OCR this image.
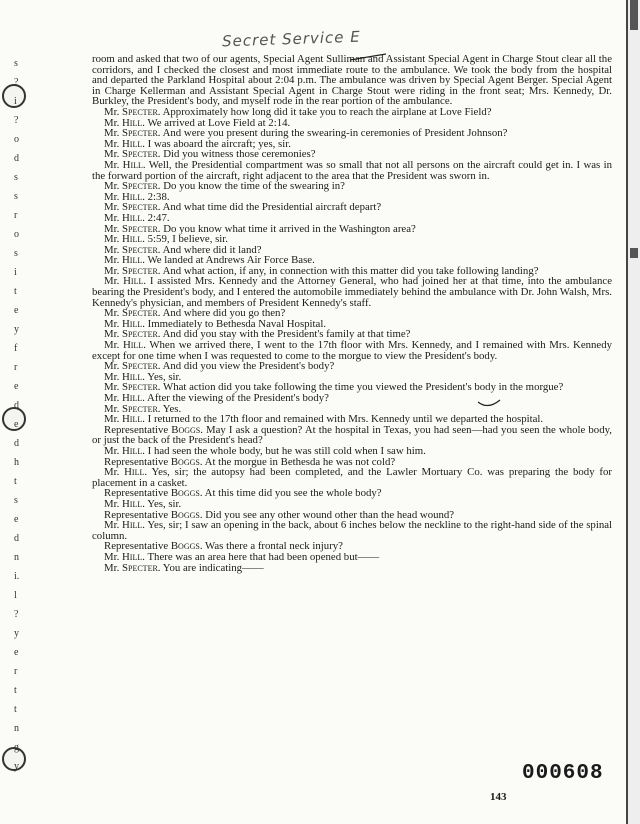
Secret Service E
s
?
i
?
o
d
s
s
r
o
s
i
t
e
y
f
r
e
d
e
d
h
t
s
e
d
n
i.
l
?
y
e
r
t
t
n
g
y

room and asked that two of our agents, Special Agent Sulliman and Assistant Special Agent in Charge Stout clear all the corridors, and I checked the closest and most immediate route to the ambulance. We took the body from the hospital and departed the Parkland Hospital about 2:04 p.m. The ambulance was driven by Special Agent Berger. Special Agent in Charge Kellerman and Assistant Special Agent in Charge Stout were riding in the front seat; Mrs. Kennedy, Dr. Burkley, the President's body, and myself rode in the rear portion of the ambulance.

Mr. Specter. Approximately how long did it take you to reach the airplane at Love Field?

Mr. Hill. We arrived at Love Field at 2:14.

Mr. Specter. And were you present during the swearing-in ceremonies of President Johnson?

Mr. Hill. I was aboard the aircraft; yes, sir.

Mr. Specter. Did you witness those ceremonies?

Mr. Hill. Well, the Presidential compartment was so small that not all persons on the aircraft could get in. I was in the forward portion of the aircraft, right adjacent to the area that the President was sworn in.

Mr. Specter. Do you know the time of the swearing in?

Mr. Hill. 2:38.

Mr. Specter. And what time did the Presidential aircraft depart?

Mr. Hill. 2:47.

Mr. Specter. Do you know what time it arrived in the Washington area?

Mr. Hill. 5:59, I believe, sir.

Mr. Specter. And where did it land?

Mr. Hill. We landed at Andrews Air Force Base.

Mr. Specter. And what action, if any, in connection with this matter did you take following landing?

Mr. Hill. I assisted Mrs. Kennedy and the Attorney General, who had joined her at that time, into the ambulance bearing the President's body, and I entered the automobile immediately behind the ambulance with Dr. John Walsh, Mrs. Kennedy's physician, and members of President Kennedy's staff.

Mr. Specter. And where did you go then?

Mr. Hill. Immediately to Bethesda Naval Hospital.

Mr. Specter. And did you stay with the President's family at that time?

Mr. Hill. When we arrived there, I went to the 17th floor with Mrs. Kennedy, and I remained with Mrs. Kennedy except for one time when I was requested to come to the morgue to view the President's body.

Mr. Specter. And did you view the President's body?

Mr. Hill. Yes, sir.

Mr. Specter. What action did you take following the time you viewed the President's body in the morgue?

Mr. Hill. After the viewing of the President's body?

Mr. Specter. Yes.

Mr. Hill. I returned to the 17th floor and remained with Mrs. Kennedy until we departed the hospital.

Representative Boggs. May I ask a question? At the hospital in Texas, you had seen—had you seen the whole body, or just the back of the President's head?

Mr. Hill. I had seen the whole body, but he was still cold when I saw him.

Representative Boggs. At the morgue in Bethesda he was not cold?

Mr. Hill. Yes, sir; the autopsy had been completed, and the Lawler Mortuary Co. was preparing the body for placement in a casket.

Representative Boggs. At this time did you see the whole body?

Mr. Hill. Yes, sir.

Representative Boggs. Did you see any other wound other than the head wound?

Mr. Hill. Yes, sir; I saw an opening in the back, about 6 inches below the neckline to the right-hand side of the spinal column.

Representative Boggs. Was there a frontal neck injury?

Mr. Hill. There was an area here that had been opened but——

Mr. Specter. You are indicating——

000608
143
